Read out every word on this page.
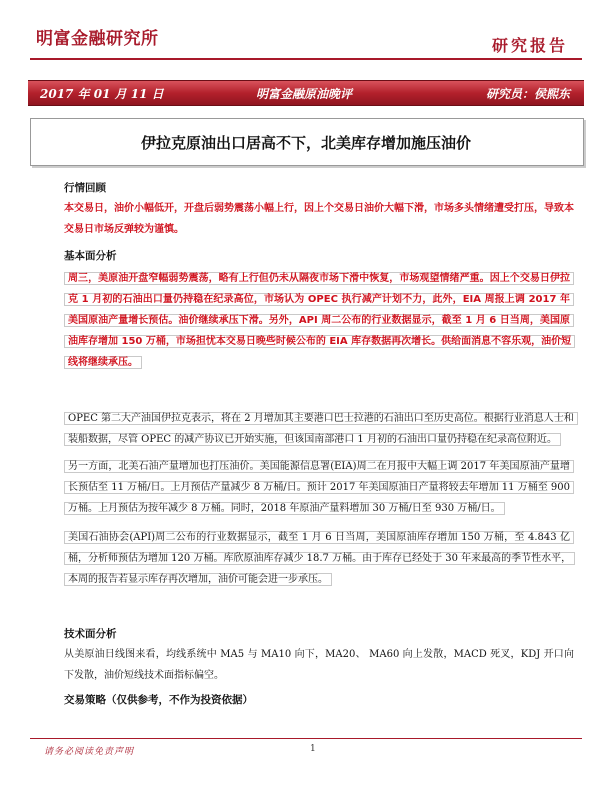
明富金融研究所	研究报告
2017 年 01 月 11 日	明富金融原油晚评	研究员：侯熙东
伊拉克原油出口居高不下，北美库存增加施压油价
行情回顾
本交易日，油价小幅低开，开盘后弱势震荡小幅上行，因上个交易日油价大幅下滑，市场多头情绪遭受打压，导致本交易日市场反弹较为谨慎。
基本面分析
周三，美原油开盘窄幅弱势震荡，略有上行但仍未从隔夜市场下滑中恢复，市场观望情绪严重。因上个交易日伊拉克 1 月初的石油出口量仍持稳在纪录高位，市场认为 OPEC 执行减产计划不力，此外，EIA 周报上调 2017 年美国原油产量增长预估。油价继续承压下滑。另外，API 周二公布的行业数据显示，截至 1 月 6 日当周，美国原油库存增加 150 万桶，市场担忧本交易日晚些时候公布的 EIA 库存数据再次增长。供给面消息不容乐观，油价短线将继续承压。
OPEC 第二大产油国伊拉克表示，将在 2 月增加其主要港口巴士拉港的石油出口至历史高位。根据行业消息人士和装船数据，尽管 OPEC 的减产协议已开始实施，但该国南部港口 1 月初的石油出口量仍持稳在纪录高位附近。
另一方面，北美石油产量增加也打压油价。美国能源信息署(EIA)周二在月报中大幅上调 2017 年美国原油产量增长预估至 11 万桶/日。上月预估产量减少 8 万桶/日。预计 2017 年美国原油日产量将较去年增加 11 万桶至 900 万桶。上月预估为按年减少 8 万桶。同时，2018 年原油产量料增加 30 万桶/日至 930 万桶/日。
美国石油协会(API)周二公布的行业数据显示，截至 1 月 6 日当周，美国原油库存增加 150 万桶，至 4.843 亿桶，分析师预估为增加 120 万桶。库欣原油库存减少 18.7 万桶。由于库存已经处于 30 年来最高的季节性水平，本周的报告若显示库存再次增加，油价可能会进一步承压。
技术面分析
从美原油日线图来看，均线系统中 MA5 与 MA10 向下，MA20、 MA60 向上发散，MACD 死叉，KDJ 开口向下发散，油价短线技术面指标偏空。
交易策略（仅供参考，不作为投资依据）
请务必阅读免责声明	1
